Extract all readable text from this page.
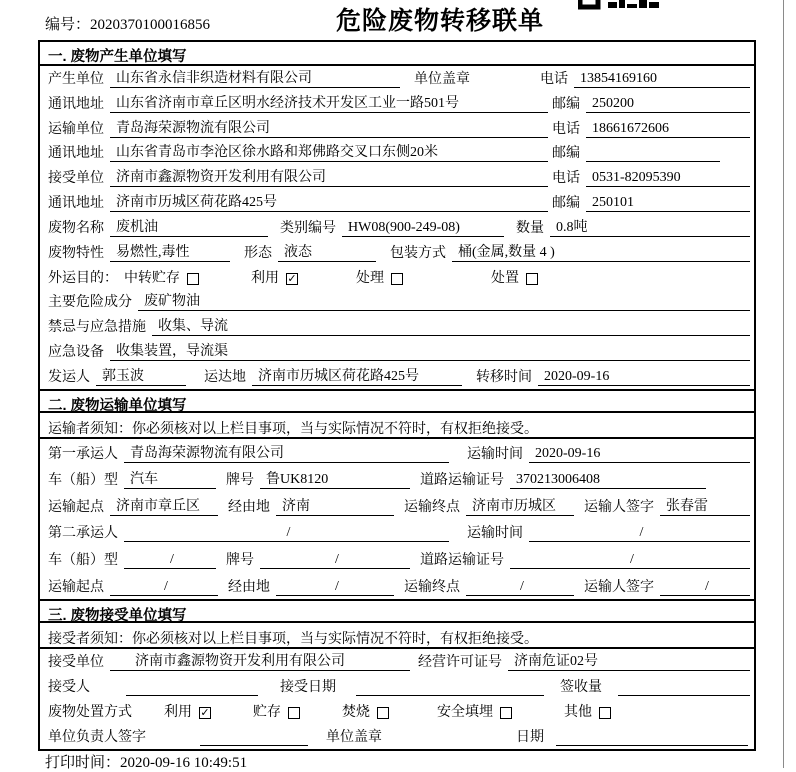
编号：2020370100016856	危险废物转移联单
一. 废物产生单位填写
产生单位 山东省永信非织造材料有限公司	单位盖章	电话 13854169160
通讯地址 山东省济南市章丘区明水经济技术开发区工业一路501号	邮编 250200
运输单位 青岛海荣源物流有限公司	电话 18661672606
通讯地址 山东省青岛市李沧区徐水路和郑佛路交叉口东侧20米	邮编
接受单位 济南市鑫源物资开发利用有限公司	电话 0531-82095390
通讯地址 济南市历城区荷花路425号	邮编 250101
废物名称 废机油	类别编号 HW08(900-249-08)	数量 0.8吨
废物特性 易燃性,毒性	形态 液态	包装方式 桶(金属,数量 4 )
外运目的： 中转贮存	利用 ✓	处理	处置
主要危险成分 废矿物油
禁忌与应急措施 收集、导流
应急设备 收集装置，导流渠
发运人 郭玉波	运达地 济南市历城区荷花路425号	转移时间 2020-09-16
二. 废物运输单位填写
运输者须知：你必须核对以上栏目事项，当与实际情况不符时，有权拒绝接受。
第一承运人 青岛海荣源物流有限公司	运输时间 2020-09-16
车（船）型 汽车	牌号 鲁UK8120	道路运输证号 370213006408
运输起点 济南市章丘区	经由地 济南	运输终点 济南市历城区	运输人签字 张春雷
第二承运人	/	运输时间	/
车（船）型	/	牌号	/	道路运输证号	/
运输起点	/	经由地	/	运输终点	/	运输人签字	/
三. 废物接受单位填写
接受者须知：你必须核对以上栏目事项，当与实际情况不符时，有权拒绝接受。
接受单位	济南市鑫源物资开发利用有限公司	经营许可证号 济南危证02号
接受人	接受日期	签收量
废物处置方式	利用 ✓	贮存	焚烧	安全填埋	其他
单位负责人签字	单位盖章	日期
打印时间：2020-09-16 10:49:51
